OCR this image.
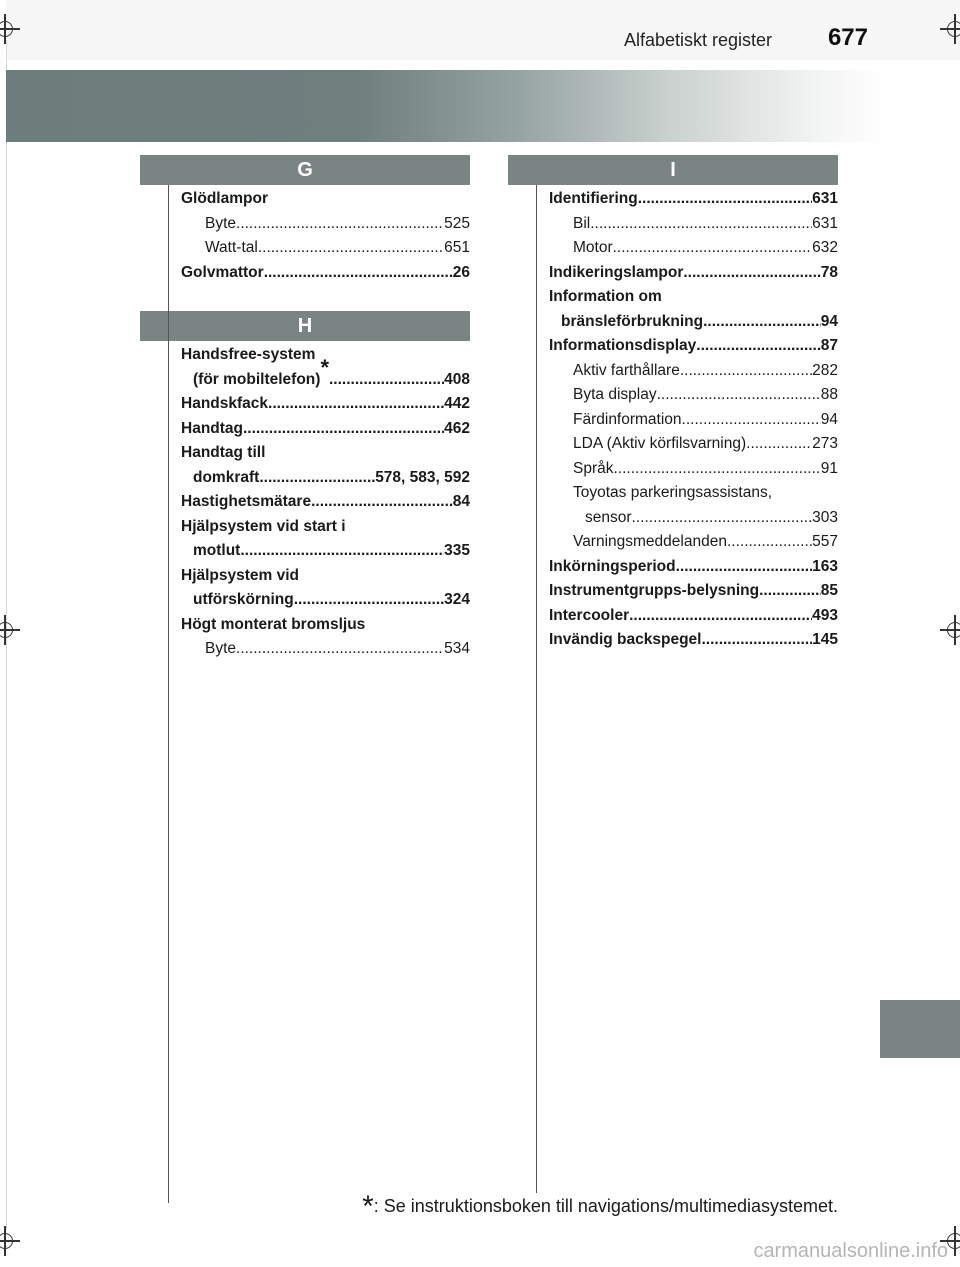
Alfabetiskt register 677
G
H
I
Glödlampor
Byte .....	525
Watt-tal .....	651
Golvmattor .....	26
Handsfree-system
(för mobiltelefon) * .....	408
Handskfack .....	442
Handtag .....	462
Handtag till
domkraft .....	578, 583, 592
Hastighetsmätare .....	84
Hjälpsystem vid start i
motlut .....	335
Hjälpsystem vid
utförskörning .....	324
Högt monterat bromsljus
Byte .....	534
Identifiering .....	631
Bil .....	631
Motor .....	632
Indikeringslampor .....	78
Information om
bränsleförbrukning .....	94
Informationsdisplay .....	87
Aktiv farthållare .....	282
Byta display .....	88
Färdinformation .....	94
LDA (Aktiv körfilsvarning) .....	273
Språk .....	91
Toyotas parkeringsassistans,
sensor .....	303
Varningsmeddelanden .....	557
Inkörningsperiod .....	163
Instrumentgrupps-belysning .....	85
Intercooler .....	493
Invändig backspegel .....	145
*: Se instruktionsboken till navigations/multimediasystemet.
carmanualsonline.info
